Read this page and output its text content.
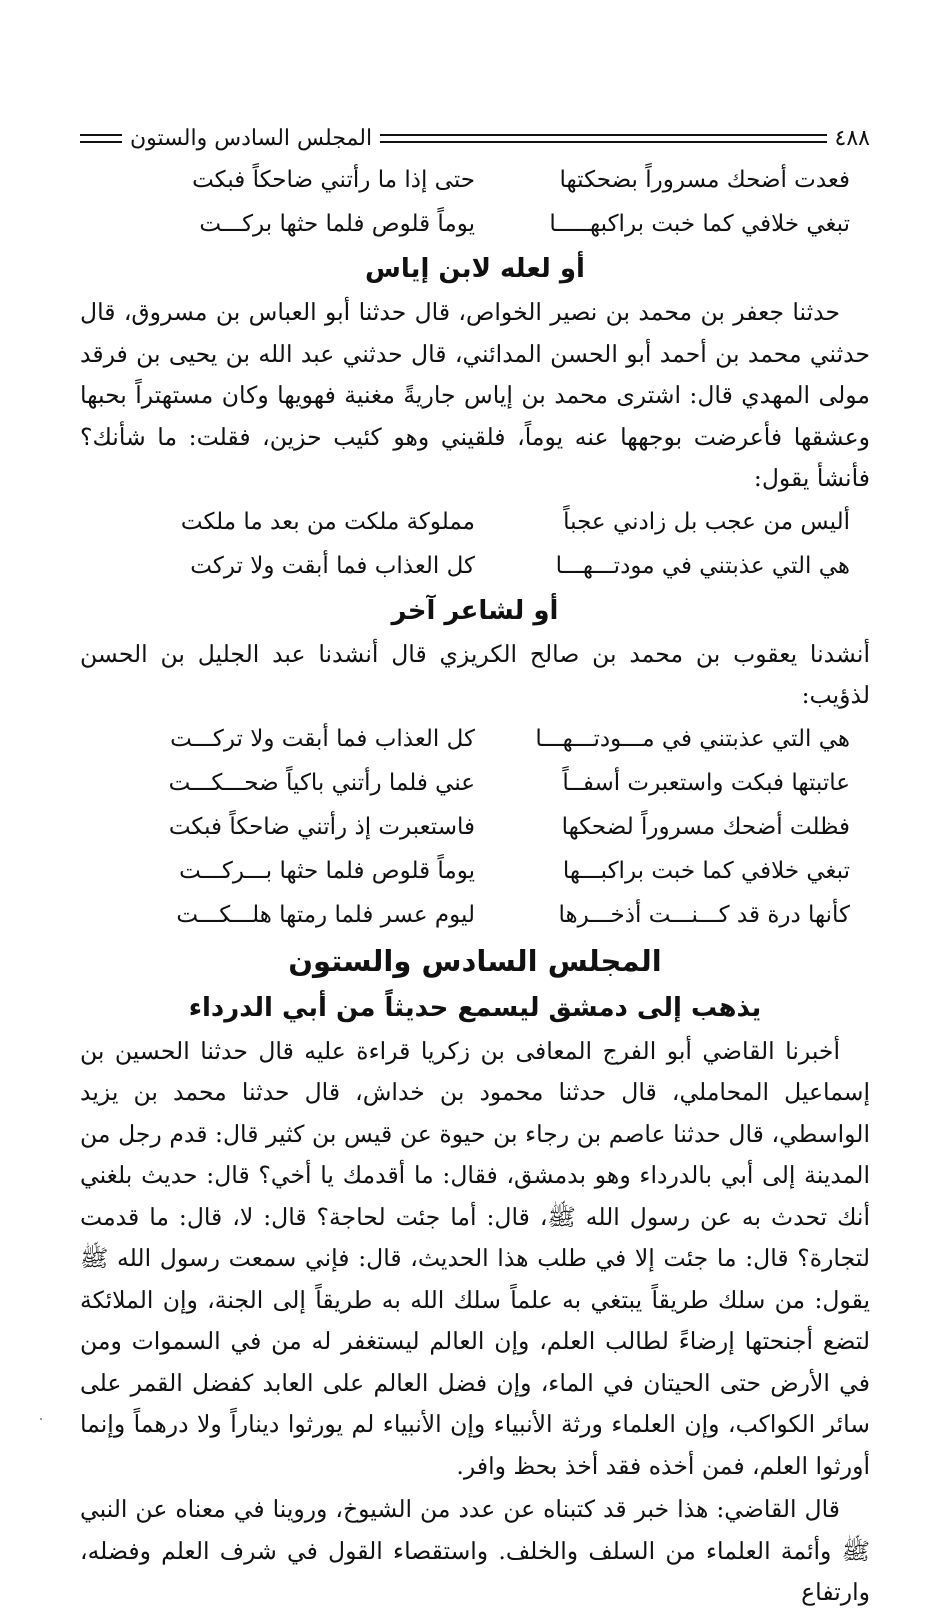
٤٨٨
المجلس السادس والستون
فعدت أضحك مسروراً بضحكتها
حتى إذا ما رأتني ضاحكاً فبكت
تبغي خلافي كما خبت براكبهـــــا
يوماً قلوص فلما حثها بركـــت
أو لعله لابن إياس

حدثنا جعفر بن محمد بن نصير الخواص، قال حدثنا أبو العباس بن مسروق، قال حدثني محمد بن أحمد أبو الحسن المدائني، قال حدثني عبد الله بن يحيى بن فرقد مولى المهدي قال: اشترى محمد بن إياس جاريةً مغنية فهويها وكان مستهتراً بحبها وعشقها فأعرضت بوجهها عنه يوماً، فلقيني وهو كئيب حزين، فقلت: ما شأنك؟ فأنشأ يقول:

أليس من عجب بل زادني عجباً
مملوكة ملكت من بعد ما ملكت
هي التي عذبتني في مودتـــهـــا
كل العذاب فما أبقت ولا تركت
أو لشاعر آخر

أنشدنا يعقوب بن محمد بن صالح الكريزي قال أنشدنا عبد الجليل بن الحسن لذؤيب:

هي التي عذبتني في مـــودتـــهـــا
كل العذاب فما أبقت ولا تركـــت
عاتبتها فبكت واستعبرت أسفــاً
عني فلما رأتني باكياً ضحـــكـــت
فظلت أضحك مسروراً لضحكها
فاستعبرت إذ رأتني ضاحكاً فبكت
تبغي خلافي كما خبت براكبـــها
يوماً قلوص فلما حثها بـــركـــت
كأنها درة قد كـــنـــت أذخـــرها
ليوم عسر فلما رمتها هلـــكـــت
المجلس السادس والستون
يذهب إلى دمشق ليسمع حديثاً من أبي الدرداء

أخبرنا القاضي أبو الفرج المعافى بن زكريا قراءة عليه قال حدثنا الحسين بن إسماعيل المحاملي، قال حدثنا محمود بن خداش، قال حدثنا محمد بن يزيد الواسطي، قال حدثنا عاصم بن رجاء بن حيوة عن قيس بن كثير قال: قدم رجل من المدينة إلى أبي بالدرداء وهو بدمشق، فقال: ما أقدمك يا أخي؟ قال: حديث بلغني أنك تحدث به عن رسول الله ﷺ، قال: أما جئت لحاجة؟ قال: لا، قال: ما قدمت لتجارة؟ قال: ما جئت إلا في طلب هذا الحديث، قال: فإني سمعت رسول الله ﷺ يقول: من سلك طريقاً يبتغي به علماً سلك الله به طريقاً إلى الجنة، وإن الملائكة لتضع أجنحتها إرضاءً لطالب العلم، وإن العالم ليستغفر له من في السموات ومن في الأرض حتى الحيتان في الماء، وإن فضل العالم على العابد كفضل القمر على سائر الكواكب، وإن العلماء ورثة الأنبياء وإن الأنبياء لم يورثوا ديناراً ولا درهماً وإنما أورثوا العلم، فمن أخذه فقد أخذ بحظ وافر.

قال القاضي: هذا خبر قد كتبناه عن عدد من الشيوخ، وروينا في معناه عن النبي ﷺ وأئمة العلماء من السلف والخلف. واستقصاء القول في شرف العلم وفضله، وارتفاع
